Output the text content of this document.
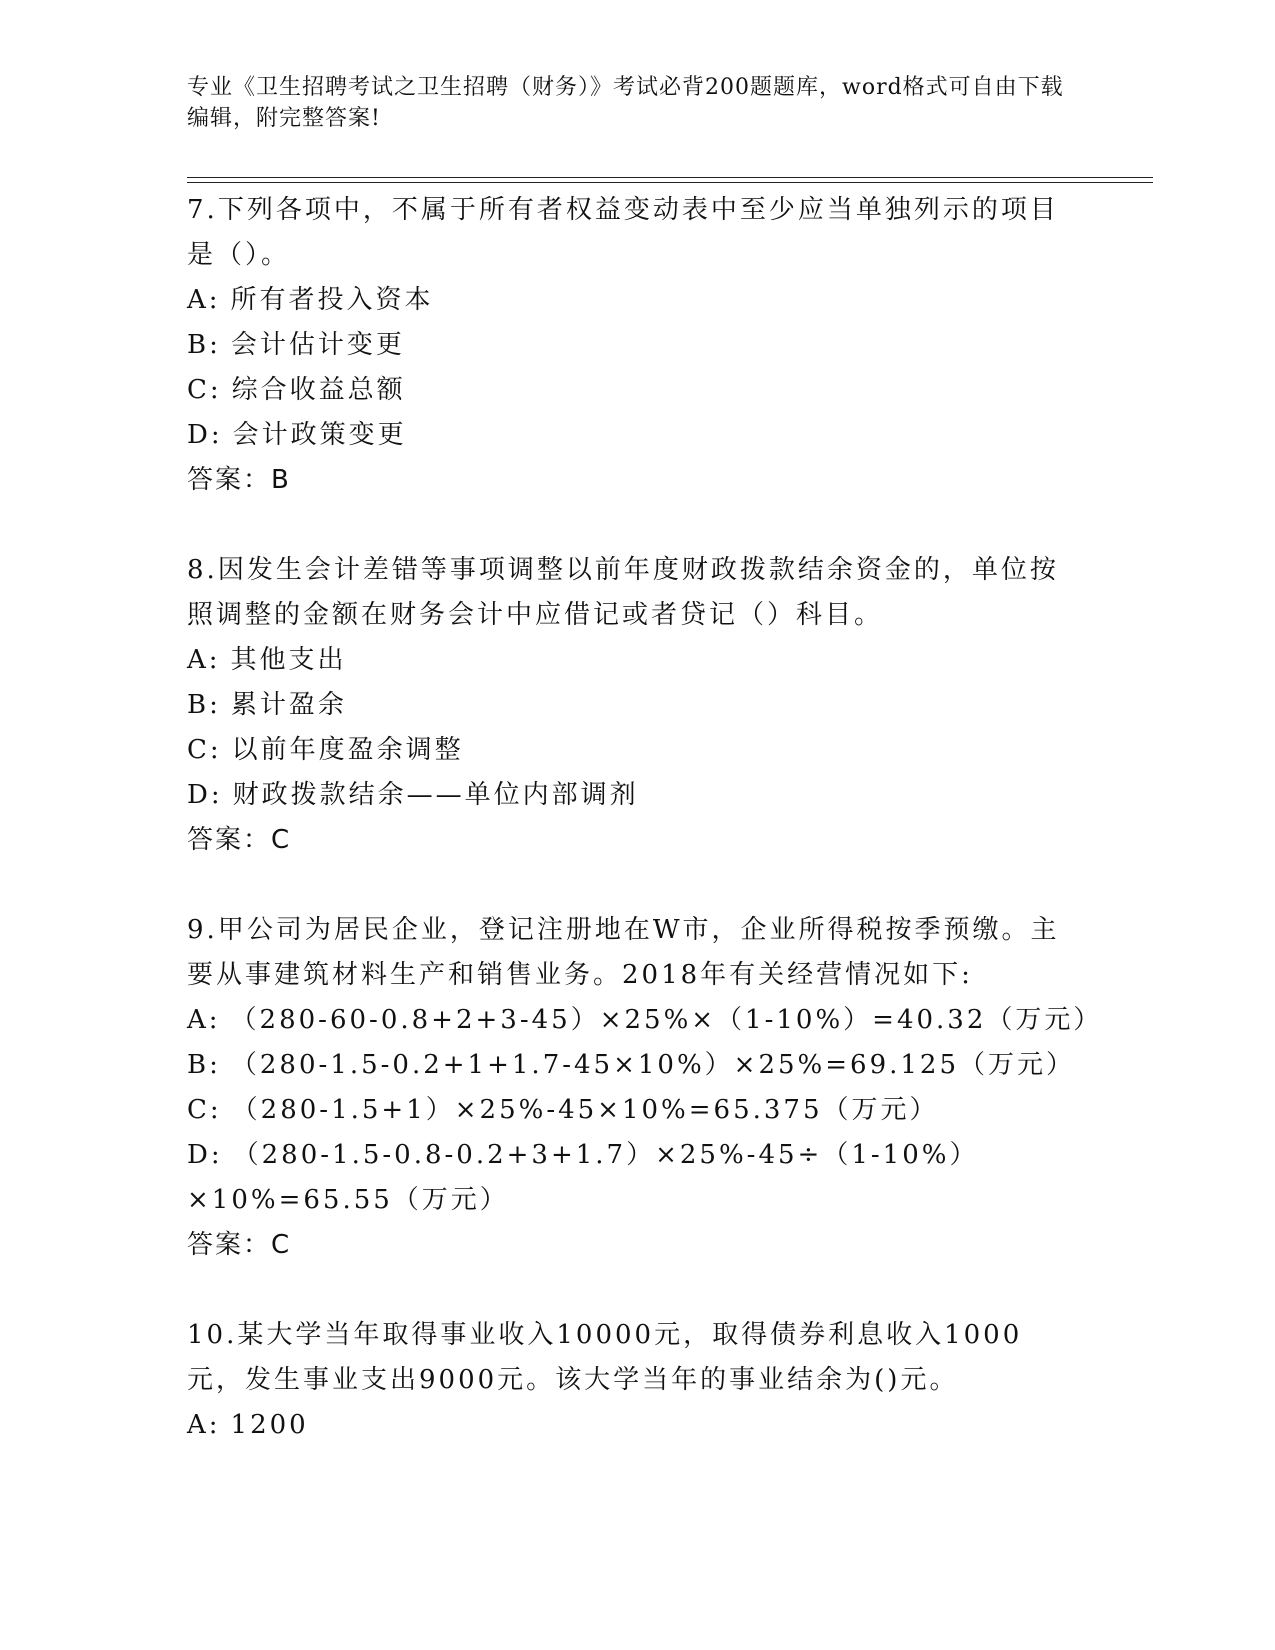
专业《卫生招聘考试之卫生招聘（财务）》考试必背200题题库，word格式可自由下载编辑，附完整答案!
7.下列各项中，不属于所有者权益变动表中至少应当单独列示的项目是（）。
A: 所有者投入资本
B: 会计估计变更
C: 综合收益总额
D: 会计政策变更
答案：B
8.因发生会计差错等事项调整以前年度财政拨款结余资金的，单位按照调整的金额在财务会计中应借记或者贷记（）科目。
A: 其他支出
B: 累计盈余
C: 以前年度盈余调整
D: 财政拨款结余——单位内部调剂
答案：C
9.甲公司为居民企业，登记注册地在W市，企业所得税按季预缴。主要从事建筑材料生产和销售业务。2018年有关经营情况如下:
A: （280-60-0.8+2+3-45）×25%×（1-10%）=40.32（万元）
B: （280-1.5-0.2+1+1.7-45×10%）×25%=69.125（万元）
C: （280-1.5+1）×25%-45×10%=65.375（万元）
D: （280-1.5-0.8-0.2+3+1.7）×25%-45÷（1-10%）×10%=65.55（万元）
答案：C
10.某大学当年取得事业收入10000元，取得债券利息收入1000元，发生事业支出9000元。该大学当年的事业结余为()元。
A: 1200
